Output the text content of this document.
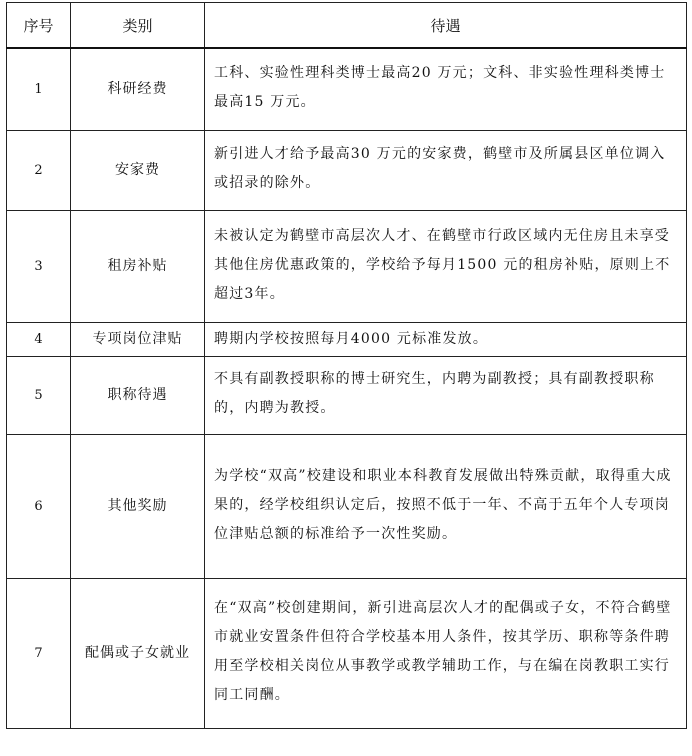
序号	类别	待遇
1	科研经费	工科、实验性理科类博士最高20 万元；文科、非实验性理科类博士最高15 万元。
2	安家费	新引进人才给予最高30 万元的安家费，鹤壁市及所属县区单位调入或招录的除外。
3	租房补贴	未被认定为鹤壁市高层次人才、在鹤壁市行政区域内无住房且未享受其他住房优惠政策的，学校给予每月1500 元的租房补贴，原则上不超过3年。
4	专项岗位津贴	聘期内学校按照每月4000 元标准发放。
5	职称待遇	不具有副教授职称的博士研究生，内聘为副教授；具有副教授职称的，内聘为教授。
6	其他奖励	为学校“双高”校建设和职业本科教育发展做出特殊贡献，取得重大成果的，经学校组织认定后，按照不低于一年、不高于五年个人专项岗位津贴总额的标准给予一次性奖励。
7	配偶或子女就业	在“双高”校创建期间，新引进高层次人才的配偶或子女，不符合鹤壁市就业安置条件但符合学校基本用人条件，按其学历、职称等条件聘用至学校相关岗位从事教学或教学辅助工作，与在编在岗教职工实行同工同酬。
